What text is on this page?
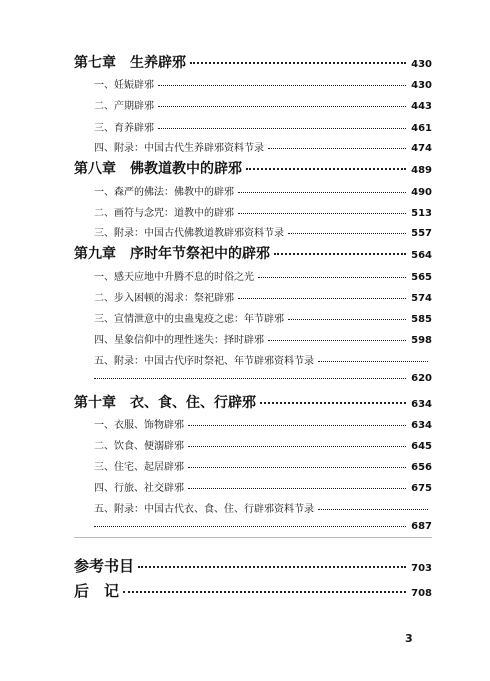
第七章　生养辟邪	430
一、妊娠辟邪	430
二、产期辟邪	443
三、育养辟邪	461
四、附录：中国古代生养辟邪资料节录	474
第八章　佛教道教中的辟邪	489
一、森严的佛法：佛教中的辟邪	490
二、画符与念咒：道教中的辟邪	513
三、附录：中国古代佛教道教辟邪资料节录	557
第九章　序时年节祭祀中的辟邪	564
一、感天应地中升腾不息的时俗之光	565
二、步入困顿的渴求：祭祀辟邪	574
三、宣情泄意中的虫蛊鬼疫之虑：年节辟邪	585
四、星象信仰中的理性迷失：择时辟邪	598
五、附录：中国古代序时祭祀、年节辟邪资料节录
620
第十章　衣、食、住、行辟邪	634
一、衣服、饰物辟邪	634
二、饮食、便溺辟邪	645
三、住宅、起居辟邪	656
四、行旅、社交辟邪	675
五、附录：中国古代衣、食、住、行辟邪资料节录
687
参考书目	703
后　记	708
3
